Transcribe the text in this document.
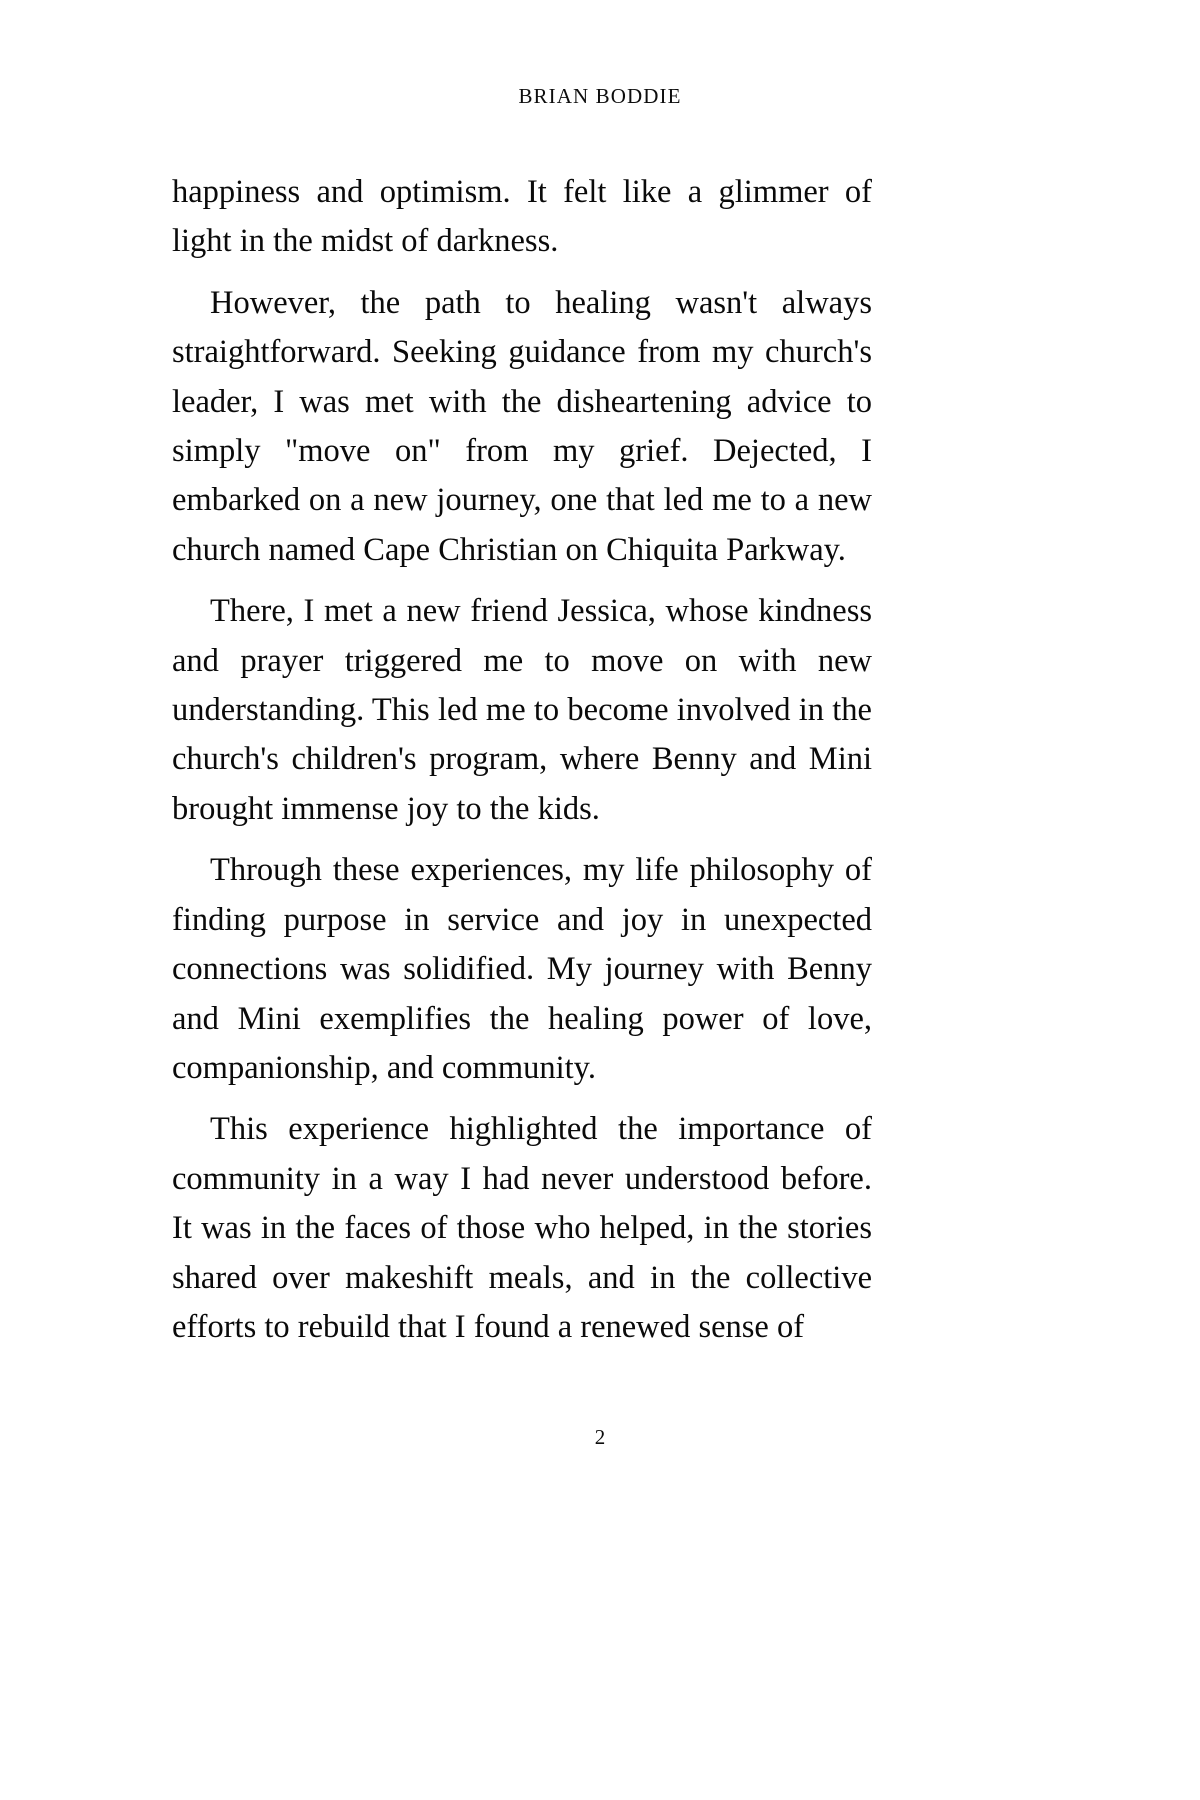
BRIAN BODDIE

happiness and optimism. It felt like a glimmer of light in the midst of darkness.

However, the path to healing wasn't always straightforward. Seeking guidance from my church's leader, I was met with the disheartening advice to simply "move on" from my grief. Dejected, I embarked on a new journey, one that led me to a new church named Cape Christian on Chiquita Parkway.

There, I met a new friend Jessica, whose kindness and prayer triggered me to move on with new understanding. This led me to become involved in the church's children's program, where Benny and Mini brought immense joy to the kids.

Through these experiences, my life philosophy of finding purpose in service and joy in unexpected connections was solidified. My journey with Benny and Mini exemplifies the healing power of love, companionship, and community.

This experience highlighted the importance of community in a way I had never understood before. It was in the faces of those who helped, in the stories shared over makeshift meals, and in the collective efforts to rebuild that I found a renewed sense of

2
